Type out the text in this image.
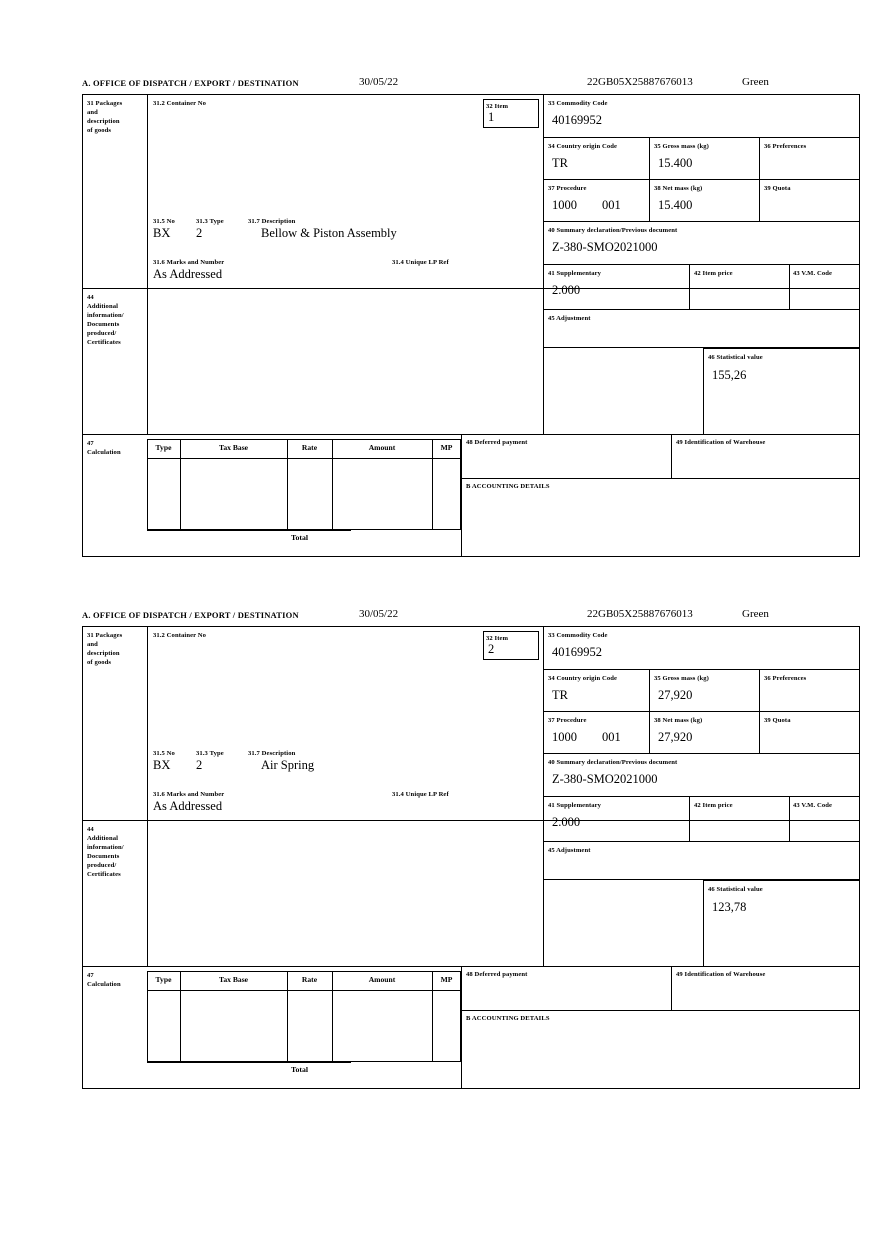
A. OFFICE OF DISPATCH / EXPORT / DESTINATION	30/05/22	22GB05X25887676013	Green
31 Packages
and
description
of goods
31.2 Container No
31.5 No	31.3 Type	31.7 Description
BX 2	Bellow & Piston Assembly
31.6 Marks and Number	31.4 Unique LP Ref
As Addressed
32 Item
1
33 Commodity Code
40169952
34 Country origin Code
TR
35 Gross mass (kg)
15.400
36 Preferences
37 Procedure
1000 001
38 Net mass (kg)
15.400
39 Quota
40 Summary declaration/Previous document
Z-380-SMO2021000
41 Supplementary
2.000
42 Item price	43 V.M. Code
45 Adjustment
46 Statistical value
155,26
44
Additional
information/
Documents
produced/
Certificates
47
Calculation
Type	Tax Base	Rate	Amount	MP
Total
48 Deferred payment	49 Identification of Warehouse
B ACCOUNTING DETAILS
A. OFFICE OF DISPATCH / EXPORT / DESTINATION	30/05/22	22GB05X25887676013	Green
31 Packages
and
description
of goods
31.2 Container No
31.5 No	31.3 Type	31.7 Description
BX 2	Air Spring
31.6 Marks and Number	31.4 Unique LP Ref
As Addressed
32 Item
2
33 Commodity Code
40169952
34 Country origin Code
TR
35 Gross mass (kg)
27,920
36 Preferences
37 Procedure
1000 001
38 Net mass (kg)
27,920
39 Quota
40 Summary declaration/Previous document
Z-380-SMO2021000
41 Supplementary
2.000
42 Item price	43 V.M. Code
45 Adjustment
46 Statistical value
123,78
44
Additional
information/
Documents
produced/
Certificates
47
Calculation
Type	Tax Base	Rate	Amount	MP
Total
48 Deferred payment	49 Identification of Warehouse
B ACCOUNTING DETAILS
